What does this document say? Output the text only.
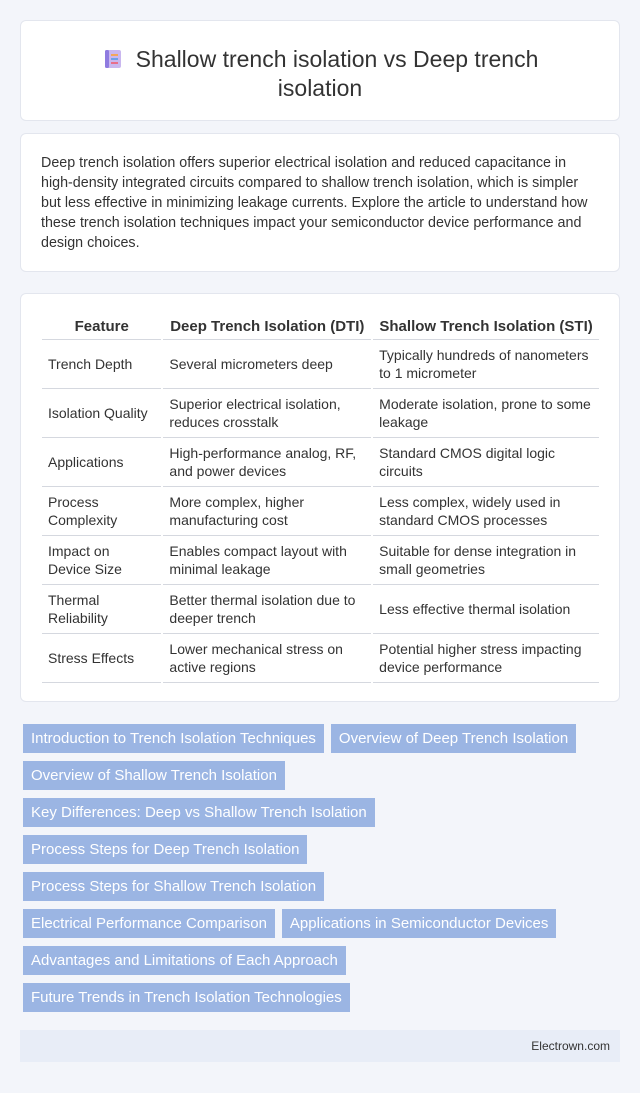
Shallow trench isolation vs Deep trench isolation

Deep trench isolation offers superior electrical isolation and reduced capacitance in high-density integrated circuits compared to shallow trench isolation, which is simpler but less effective in minimizing leakage currents. Explore the article to understand how these trench isolation techniques impact your semiconductor device performance and design choices.

Feature		Deep Trench Isolation (DTI)		Shallow Trench Isolation (STI)
Trench Depth		Several micrometers deep		Typically hundreds of nanometers to 1 micrometer
Isolation Quality		Superior electrical isolation, reduces crosstalk		Moderate isolation, prone to some leakage
Applications		High-performance analog, RF, and power devices		Standard CMOS digital logic circuits
Process Complexity		More complex, higher manufacturing cost		Less complex, widely used in standard CMOS processes
Impact on Device Size		Enables compact layout with minimal leakage		Suitable for dense integration in small geometries
Thermal Reliability		Better thermal isolation due to deeper trench		Less effective thermal isolation
Stress Effects		Lower mechanical stress on active regions		Potential higher stress impacting device performance
Introduction to Trench Isolation Techniques	Overview of Deep Trench Isolation
Overview of Shallow Trench Isolation
Key Differences: Deep vs Shallow Trench Isolation
Process Steps for Deep Trench Isolation
Process Steps for Shallow Trench Isolation
Electrical Performance Comparison	Applications in Semiconductor Devices
Advantages and Limitations of Each Approach
Future Trends in Trench Isolation Technologies
Electrown.com
